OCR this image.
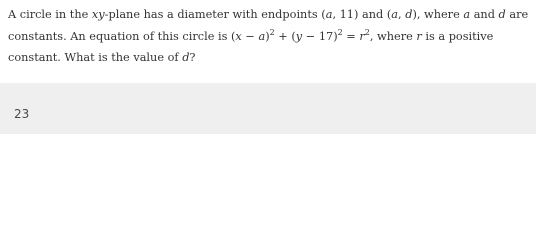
A circle in the xy-plane has a diameter with endpoints (a, 11) and (a, d), where a and d are constants. An equation of this circle is $(x - a)^2 + (y - 17)^2 = r^2$, where r is a positive constant. What is the value of d?

23
